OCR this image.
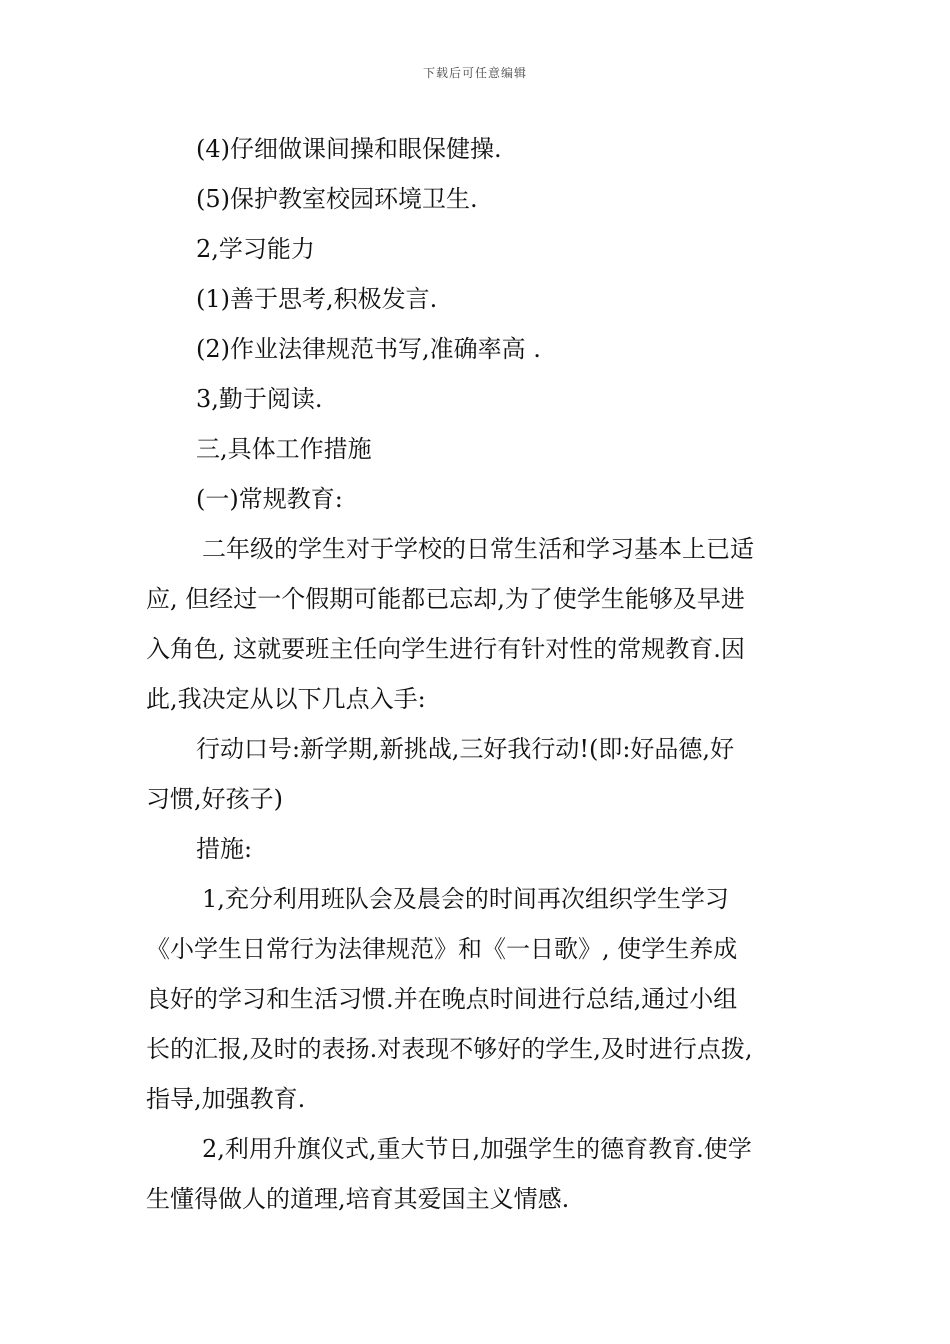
下载后可任意编辑
(4)仔细做课间操和眼保健操.
(5)保护教室校园环境卫生.
2,学习能力
(1)善于思考,积极发言.
(2)作业法律规范书写,准确率高 .
3,勤于阅读.
三,具体工作措施
(一)常规教育:
二年级的学生对于学校的日常生活和学习基本上已适
应, 但经过一个假期可能都已忘却,为了使学生能够及早进
入角色, 这就要班主任向学生进行有针对性的常规教育.因
此,我决定从以下几点入手:
行动口号:新学期,新挑战,三好我行动!(即:好品德,好
习惯,好孩子)
措施:
1,充分利用班队会及晨会的时间再次组织学生学习
《小学生日常行为法律规范》和《一日歌》, 使学生养成
良好的学习和生活习惯.并在晚点时间进行总结,通过小组
长的汇报,及时的表扬.对表现不够好的学生,及时进行点拨,
指导,加强教育.
2,利用升旗仪式,重大节日,加强学生的德育教育.使学
生懂得做人的道理,培育其爱国主义情感.
